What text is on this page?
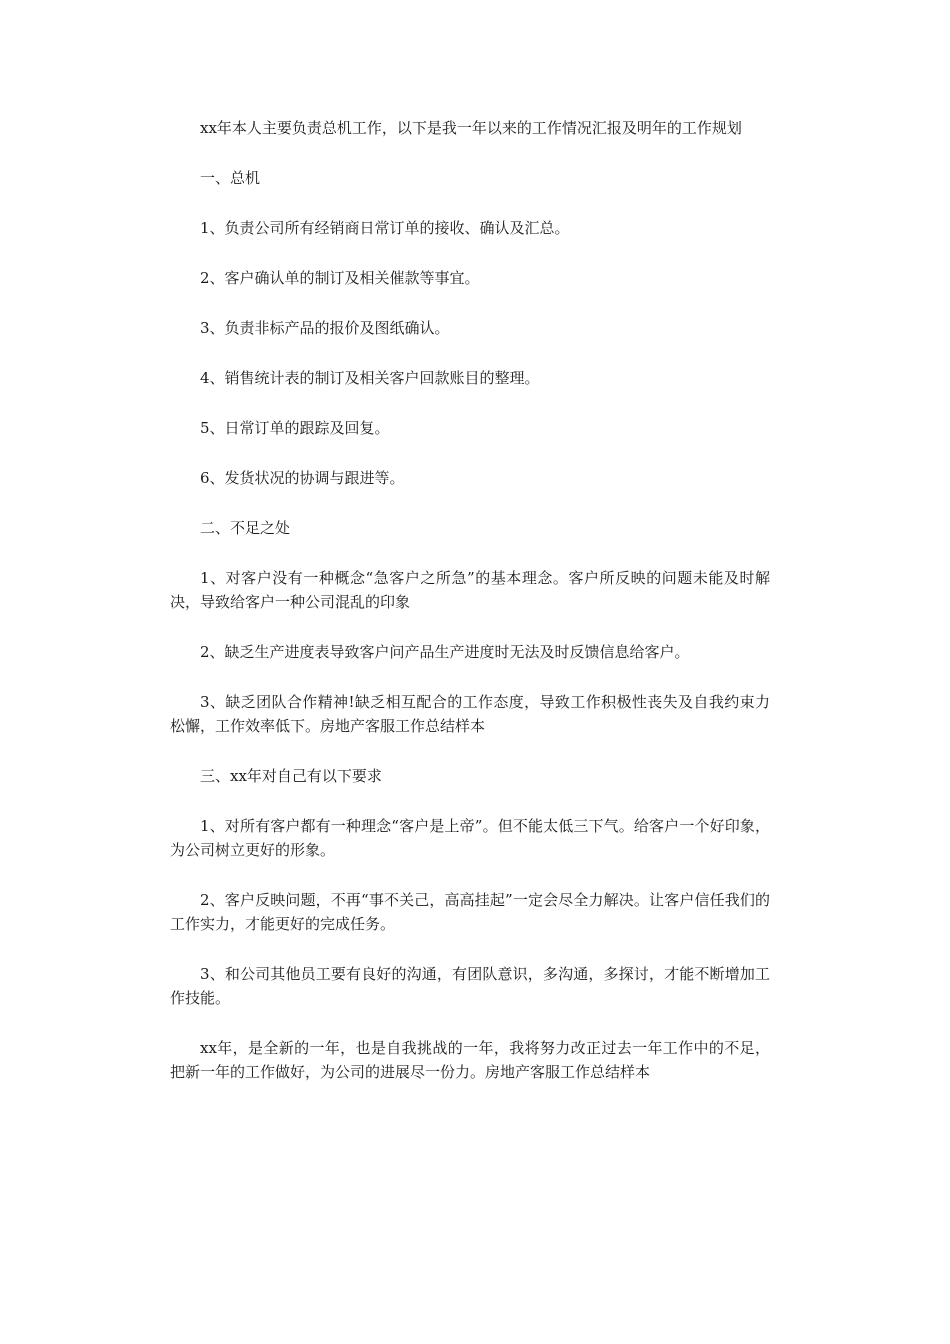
xx年本人主要负责总机工作，以下是我一年以来的工作情况汇报及明年的工作规划

一、总机

1、负责公司所有经销商日常订单的接收、确认及汇总。

2、客户确认单的制订及相关催款等事宜。

3、负责非标产品的报价及图纸确认。

4、销售统计表的制订及相关客户回款账目的整理。

5、日常订单的跟踪及回复。

6、发货状况的协调与跟进等。

二、不足之处

1、对客户没有一种概念“急客户之所急”的基本理念。客户所反映的问题未能及时解决，导致给客户一种公司混乱的印象

2、缺乏生产进度表导致客户问产品生产进度时无法及时反馈信息给客户。

3、缺乏团队合作精神!缺乏相互配合的工作态度，导致工作积极性丧失及自我约束力松懈，工作效率低下。房地产客服工作总结样本

三、xx年对自己有以下要求

1、对所有客户都有一种理念“客户是上帝”。但不能太低三下气。给客户一个好印象，为公司树立更好的形象。

2、客户反映问题，不再“事不关己，高高挂起”一定会尽全力解决。让客户信任我们的工作实力，才能更好的完成任务。

3、和公司其他员工要有良好的沟通，有团队意识，多沟通，多探讨，才能不断增加工作技能。

xx年，是全新的一年，也是自我挑战的一年，我将努力改正过去一年工作中的不足，把新一年的工作做好，为公司的进展尽一份力。房地产客服工作总结样本
